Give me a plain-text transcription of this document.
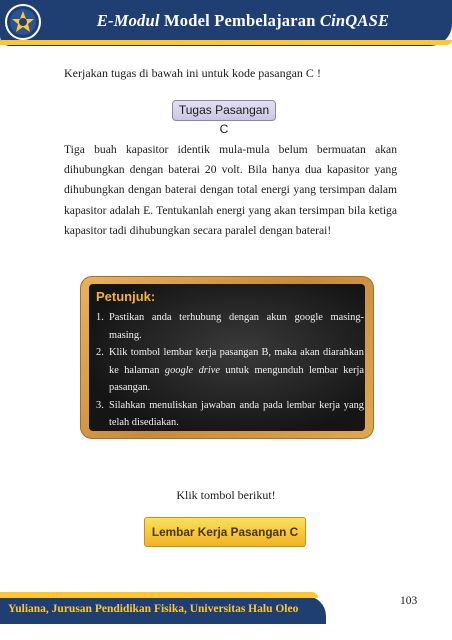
E-Modul Model Pembelajaran CinQASE
Kerjakan tugas di bawah ini untuk kode pasangan C !
Tugas Pasangan C
Tiga buah kapasitor identik mula-mula belum bermuatan akan dihubungkan dengan baterai 20 volt. Bila hanya dua kapasitor yang dihubungkan dengan baterai dengan total energi yang tersimpan dalam kapasitor adalah E. Tentukanlah energi yang akan tersimpan bila ketiga kapasitor tadi dihubungkan secara paralel dengan baterai!
Petunjuk:
1. Pastikan anda terhubung dengan akun google masing-masing.
2. Klik tombol lembar kerja pasangan B, maka akan diarahkan ke halaman google drive untuk mengunduh lembar kerja pasangan.
3. Silahkan menuliskan jawaban anda pada lembar kerja yang telah disediakan.
Klik tombol berikut!
Lembar Kerja Pasangan C
103
Yuliana, Jurusan Pendidikan Fisika, Universitas Halu Oleo
